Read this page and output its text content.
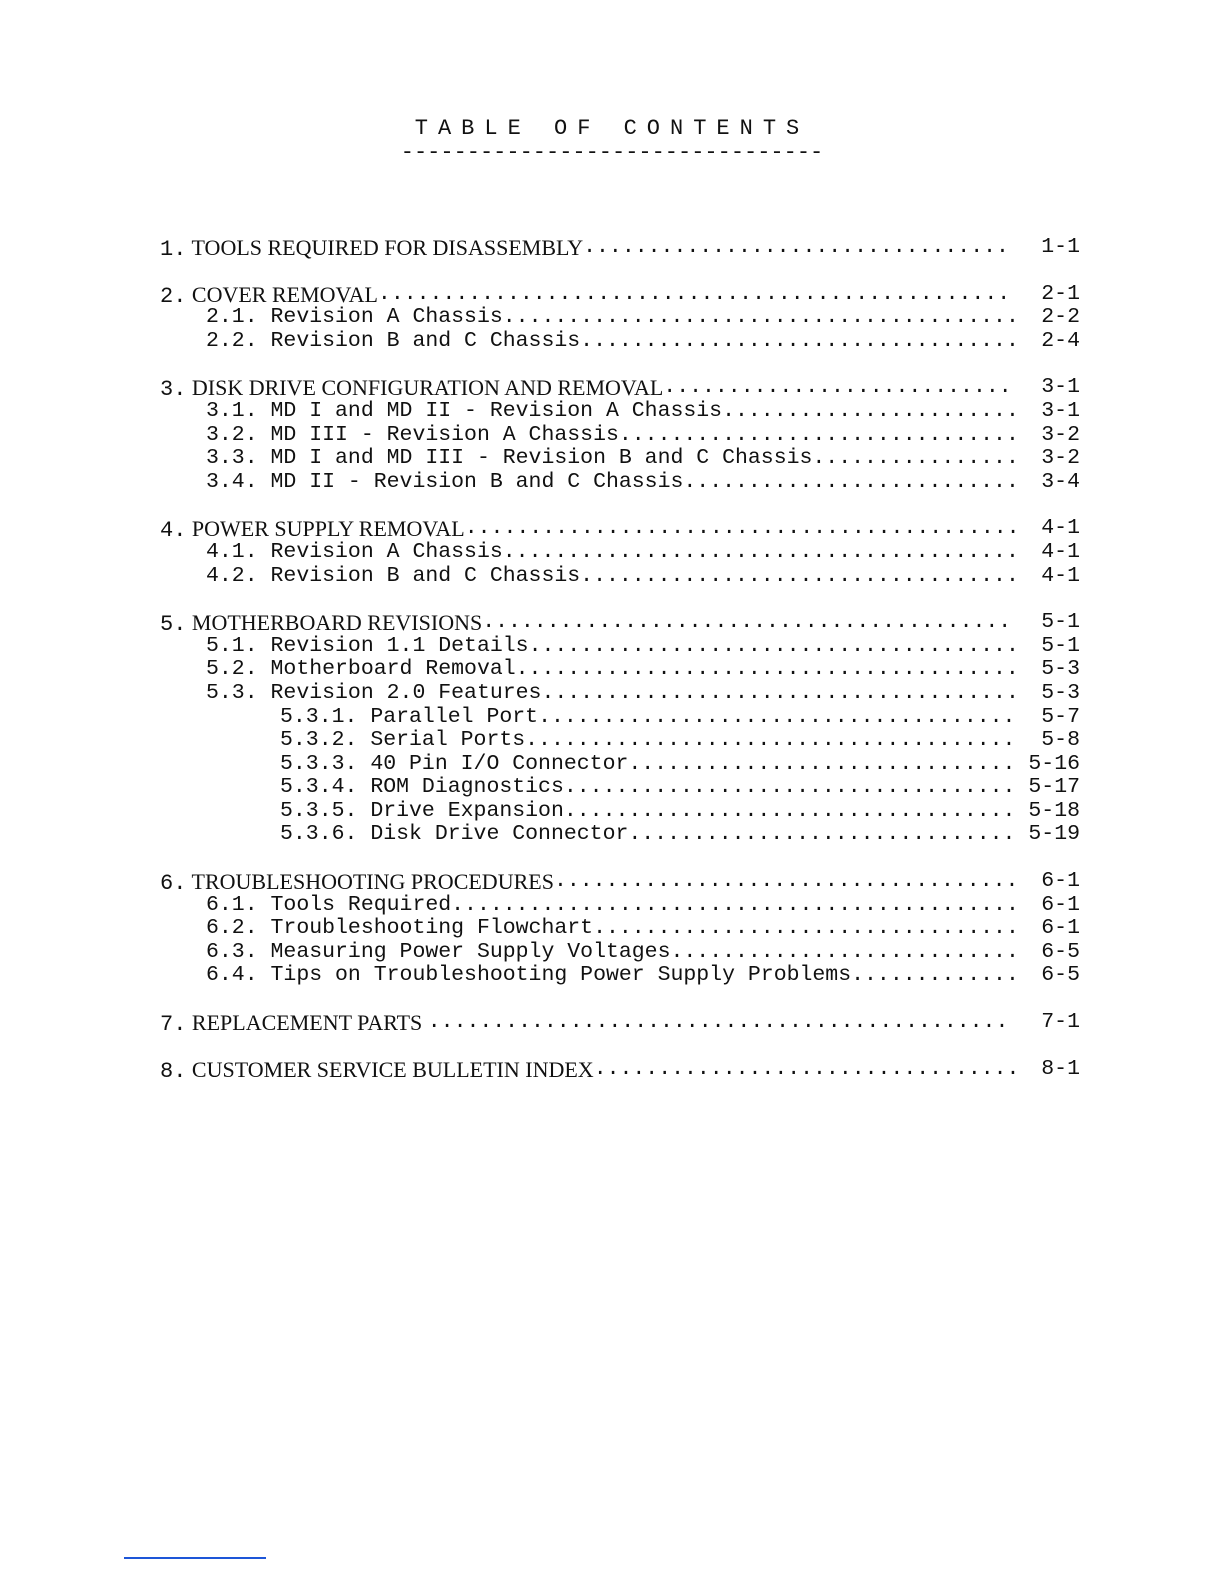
TABLE OF CONTENTS
--------------------------------
1. TOOLS REQUIRED FOR DISASSEMBLY	1-1
.................................
2. COVER REMOVAL	2-1
.................................................
2.1. Revision A Chassis	2-2
........................................
2.2. Revision B and C Chassis	2-4
..................................
3. DISK DRIVE CONFIGURATION AND REMOVAL	3-1
...........................
3.1. MD I and MD II - Revision A Chassis	3-1
.......................
3.2. MD III - Revision A Chassis	3-2
...............................
3.3. MD I and MD III - Revision B and C Chassis	3-2
................
3.4. MD II - Revision B and C Chassis	3-4
..........................
4. POWER SUPPLY REMOVAL	4-1
...........................................
4.1. Revision A Chassis	4-1
........................................
4.2. Revision B and C Chassis	4-1
..................................
5. MOTHERBOARD REVISIONS	5-1
.........................................
5.1. Revision 1.1 Details	5-1
......................................
5.2. Motherboard Removal	5-3
.......................................
5.3. Revision 2.0 Features	5-3
.....................................
5.3.1. Parallel Port	5-7
.....................................
5.3.2. Serial Ports	5-8
......................................
5.3.3. 40 Pin I/O Connector	5-16
..............................
5.3.4. ROM Diagnostics	5-17
...................................
5.3.5. Drive Expansion	5-18
...................................
5.3.6. Disk Drive Connector	5-19
..............................
6. TROUBLESHOOTING PROCEDURES	6-1
....................................
6.1. Tools Required	6-1
............................................
6.2. Troubleshooting Flowchart	6-1
.................................
6.3. Measuring Power Supply Voltages	6-5
...........................
6.4. Tips on Troubleshooting Power Supply Problems	6-5
.............
7. REPLACEMENT PARTS	7-1
.............................................
8. CUSTOMER SERVICE BULLETIN INDEX	8-1
.................................
